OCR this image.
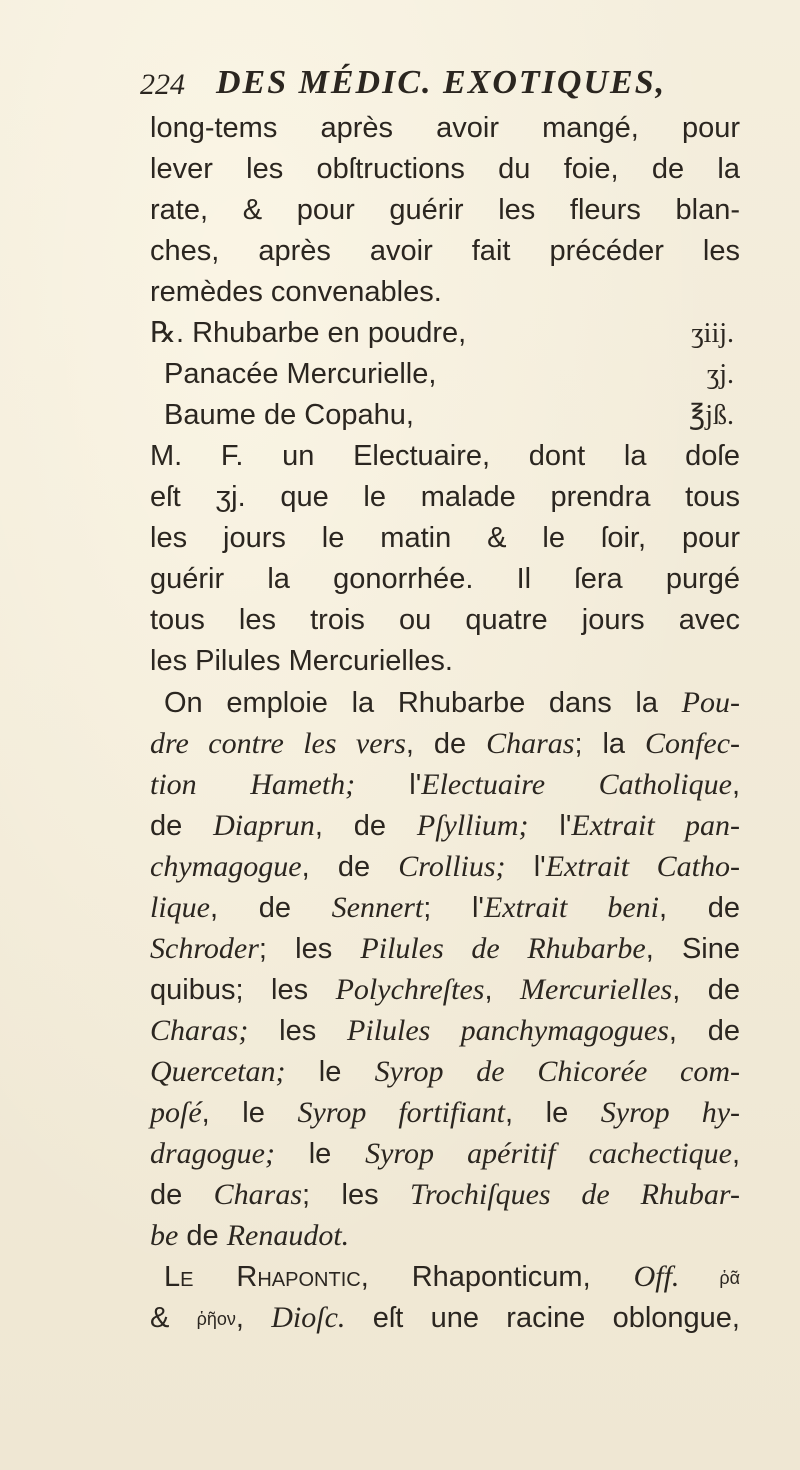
224 DES MÉDIC. EXOTIQUES,
long-tems après avoir mangé, pour
lever les obſtructions du foie, de la
rate, & pour guérir les fleurs blan-
ches, après avoir fait précéder les
remèdes convenables.
℞. Rhubarbe en poudre,	ʒiij.
Panacée Mercurielle,	ʒj.
Baume de Copahu,	℥jß.
M. F. un Electuaire, dont la doſe
eſt ʒj. que le malade prendra tous
les jours le matin & le ſoir, pour
guérir la gonorrhée. Il ſera purgé
tous les trois ou quatre jours avec
les Pilules Mercurielles.
On emploie la Rhubarbe dans la Pou-
dre contre les vers, de Charas; la Confec-
tion Hameth; l'Electuaire Catholique,
de Diaprun, de Pſyllium; l'Extrait pan-
chymagogue, de Crollius; l'Extrait Catho-
lique, de Sennert; l'Extrait beni, de
Schroder; les Pilules de Rhubarbe, Sine
quibus; les Polychreſtes, Mercurielles, de
Charas; les Pilules panchymagogues, de
Quercetan; le Syrop de Chicorée com-
poſé, le Syrop fortifiant, le Syrop hy-
dragogue; le Syrop apéritif cachectique,
de Charas; les Trochiſques de Rhubar-
be de Renaudot.
Le Rhapontic, Rhaponticum, Off. ῥᾶ
& ῥῆον, Dioſc. eſt une racine oblongue,
